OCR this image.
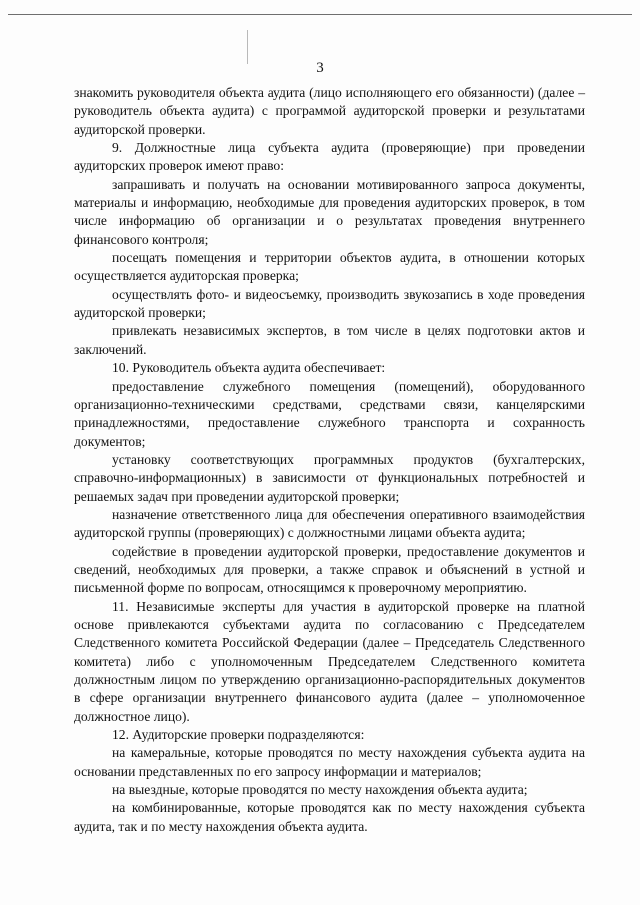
3

знакомить руководителя объекта аудита (лицо исполняющего его обязанности) (далее – руководитель объекта аудита) с программой аудиторской проверки и результатами аудиторской проверки.

9. Должностные лица субъекта аудита (проверяющие) при проведении аудиторских проверок имеют право:

запрашивать и получать на основании мотивированного запроса документы, материалы и информацию, необходимые для проведения аудиторских проверок, в том числе информацию об организации и о результатах проведения внутреннего финансового контроля;

посещать помещения и территории объектов аудита, в отношении которых осуществляется аудиторская проверка;

осуществлять фото- и видеосъемку, производить звукозапись в ходе проведения аудиторской проверки;

привлекать независимых экспертов, в том числе в целях подготовки актов и заключений.

10. Руководитель объекта аудита обеспечивает:

предоставление служебного помещения (помещений), оборудованного организационно-техническими средствами, средствами связи, канцелярскими принадлежностями, предоставление служебного транспорта и сохранность документов;

установку соответствующих программных продуктов (бухгалтерских, справочно-информационных) в зависимости от функциональных потребностей и решаемых задач при проведении аудиторской проверки;

назначение ответственного лица для обеспечения оперативного взаимодействия аудиторской группы (проверяющих) с должностными лицами объекта аудита;

содействие в проведении аудиторской проверки, предоставление документов и сведений, необходимых для проверки, а также справок и объяснений в устной и письменной форме по вопросам, относящимся к проверочному мероприятию.

11. Независимые эксперты для участия в аудиторской проверке на платной основе привлекаются субъектами аудита по согласованию с Председателем Следственного комитета Российской Федерации (далее – Председатель Следственного комитета) либо с уполномоченным Председателем Следственного комитета должностным лицом по утверждению организационно-распорядительных документов в сфере организации внутреннего финансового аудита (далее – уполномоченное должностное лицо).

12. Аудиторские проверки подразделяются:

на камеральные, которые проводятся по месту нахождения субъекта аудита на основании представленных по его запросу информации и материалов;

на выездные, которые проводятся по месту нахождения объекта аудита;

на комбинированные, которые проводятся как по месту нахождения субъекта аудита, так и по месту нахождения объекта аудита.
